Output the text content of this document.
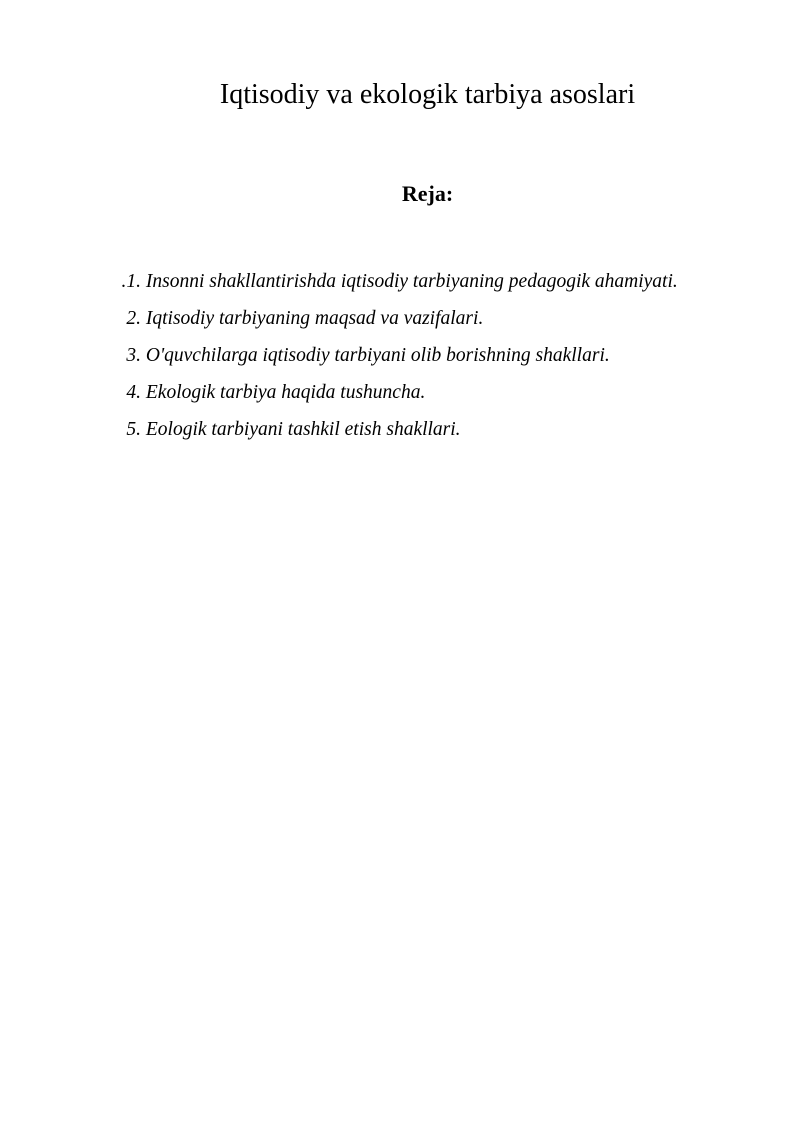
Iqtisodiy va ekologik tarbiya asoslari
Reja:
.1. Insonni shakllantirishda iqtisodiy tarbiyaning pedagogik ahamiyati.
2. Iqtisodiy tarbiyaning maqsad va vazifalari.
3. O'quvchilarga iqtisodiy tarbiyani olib borishning shakllari.
4. Ekologik tarbiya haqida tushuncha.
5. Eologik tarbiyani tashkil etish shakllari.
